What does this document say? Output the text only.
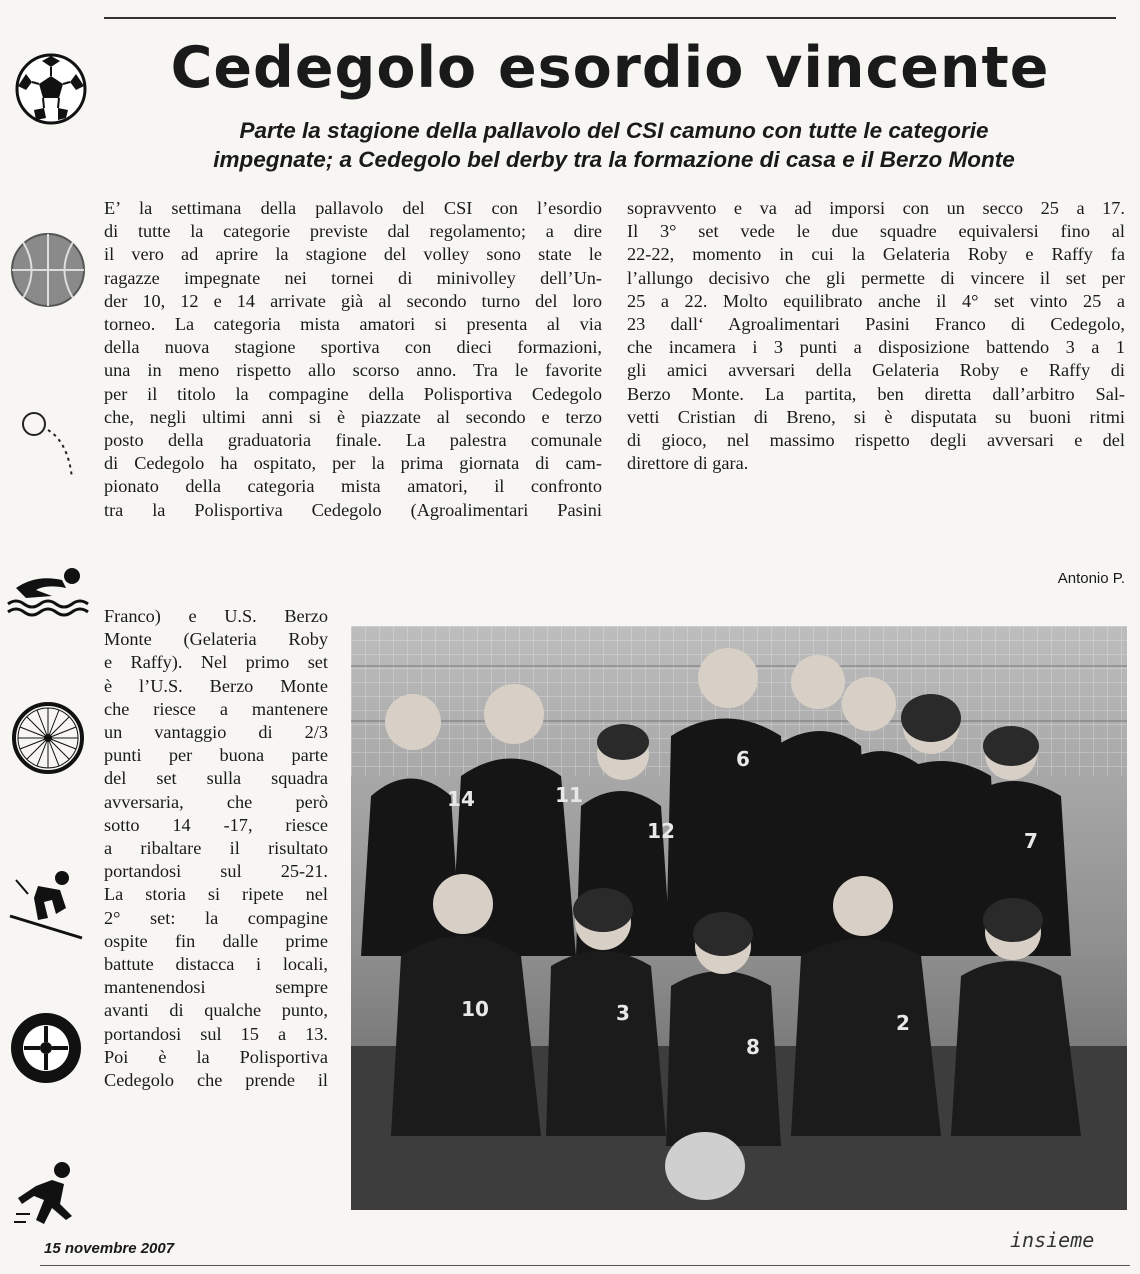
Cedegolo esordio vincente
Parte la stagione della pallavolo del CSI camuno con tutte le categorie
impegnate; a Cedegolo bel derby tra la formazione di casa e il Berzo Monte
E’ la settimana della pallavolo del CSI con l’esordio
di tutte la categorie previste dal regolamento; a dire
il vero ad aprire la stagione del volley sono state le
ragazze impegnate nei tornei di minivolley dell’Un-
der 10, 12 e 14 arrivate già al secondo turno del loro
torneo. La categoria mista amatori si presenta al via
della nuova stagione sportiva con dieci formazioni,
una in meno rispetto allo scorso anno. Tra le favorite
per il titolo la compagine della Polisportiva Cedegolo
che, negli ultimi anni si è piazzate al secondo e terzo
posto della graduatoria finale. La palestra comunale
di Cedegolo ha ospitato, per la prima giornata di cam-
pionato della categoria mista amatori, il confronto
tra la Polisportiva Cedegolo (Agroalimentari Pasini
Franco) e U.S. Berzo
Monte (Gelateria Roby
e Raffy). Nel primo set
è l’U.S. Berzo Monte
che riesce a mantenere
un vantaggio di 2/3
punti per buona parte
del set sulla squadra
avversaria, che però
sotto 14 -17, riesce
a ribaltare il risultato
portandosi sul 25-21.
La storia si ripete nel
2° set: la compagine
ospite fin dalle prime
battute distacca i locali,
mantenendosi sempre
avanti di qualche punto,
portandosi sul 15 a 13.
Poi è la Polisportiva
Cedegolo che prende il
sopravvento e va ad imporsi con un secco 25 a 17.
Il 3° set vede le due squadre equivalersi fino al
22-22, momento in cui la Gelateria Roby e Raffy fa
l’allungo decisivo che gli permette di vincere il set per
25 a 22. Molto equilibrato anche il 4° set vinto 25 a
23 dall‘ Agroalimentari Pasini Franco di Cedegolo,
che incamera i 3 punti a disposizione battendo 3 a 1
gli amici avversari della Gelateria Roby e Raffy di
Berzo Monte. La partita, ben diretta dall’arbitro Sal-
vetti Cristian di Breno, si è disputata su buoni ritmi
di gioco, nel massimo rispetto degli avversari e del
direttore di gara.
Antonio P.
14	11
12
6
7
10	3
8
2
15 novembre 2007	insieme
